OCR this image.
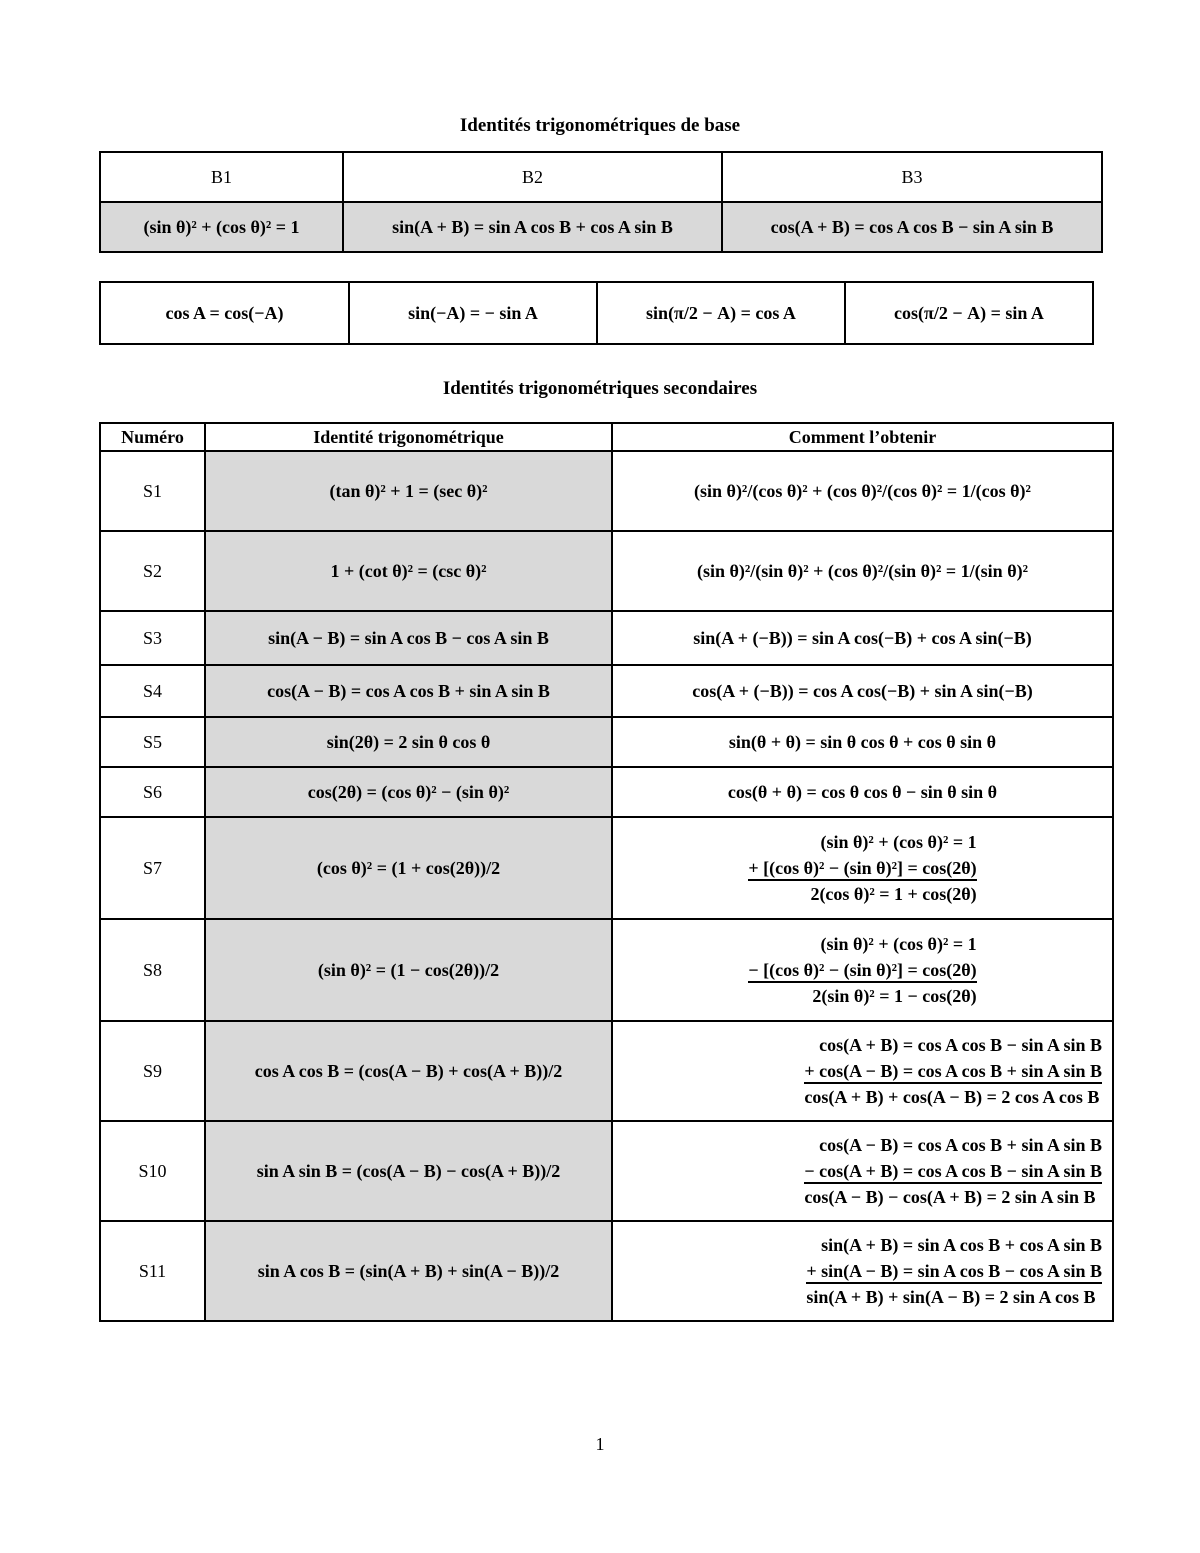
Identités trigonométriques de base
B1	B2	B3
(sin θ)² + (cos θ)² = 1	sin(A + B) = sin A cos B + cos A sin B	cos(A + B) = cos A cos B − sin A sin B
cos A = cos(−A)	sin(−A) = − sin A	sin(π/2 − A) = cos A	cos(π/2 − A) = sin A
Identités trigonométriques secondaires
Numéro	Identité trigonométrique	Comment l’obtenir
S1	(tan θ)² + 1 = (sec θ)²	(sin θ)²/(cos θ)² + (cos θ)²/(cos θ)² = 1/(cos θ)²
S2	1 + (cot θ)² = (csc θ)²	(sin θ)²/(sin θ)² + (cos θ)²/(sin θ)² = 1/(sin θ)²
S3	sin(A − B) = sin A cos B − cos A sin B	sin(A + (−B)) = sin A cos(−B) + cos A sin(−B)
S4	cos(A − B) = cos A cos B + sin A sin B	cos(A + (−B)) = cos A cos(−B) + sin A sin(−B)
S5	sin(2θ) = 2 sin θ cos θ	sin(θ + θ) = sin θ cos θ + cos θ sin θ
S6	cos(2θ) = (cos θ)² − (sin θ)²	cos(θ + θ) = cos θ cos θ − sin θ sin θ
S7	(cos θ)² = (1 + cos(2θ))/2	(sin θ)² + (cos θ)² = 1
+ [(cos θ)² − (sin θ)²] = cos(2θ)
2(cos θ)² = 1 + cos(2θ)

S8	(sin θ)² = (1 − cos(2θ))/2	(sin θ)² + (cos θ)² = 1
− [(cos θ)² − (sin θ)²] = cos(2θ)
2(sin θ)² = 1 − cos(2θ)

S9	cos A cos B = (cos(A − B) + cos(A + B))/2	cos(A + B) = cos A cos B − sin A sin B
+ cos(A − B) = cos A cos B + sin A sin B
cos(A + B) + cos(A − B) = 2 cos A cos B

S10	sin A sin B = (cos(A − B) − cos(A + B))/2	cos(A − B) = cos A cos B + sin A sin B
− cos(A + B) = cos A cos B − sin A sin B
cos(A − B) − cos(A + B) = 2 sin A sin B

S11	sin A cos B = (sin(A + B) + sin(A − B))/2	sin(A + B) = sin A cos B + cos A sin B
+ sin(A − B) = sin A cos B − cos A sin B
sin(A + B) + sin(A − B) = 2 sin A cos B
1
